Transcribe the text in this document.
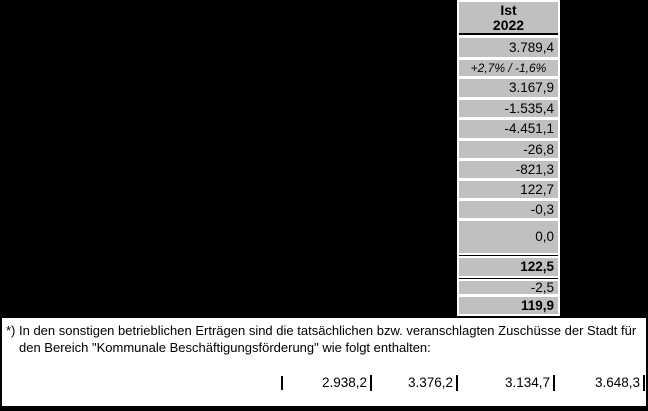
Ist
2022
3.789,4
+2,7% / -1,6%
3.167,9
-1.535,4
-4.451,1
-26,8
-821,3
122,7
-0,3
0,0
122,5
-2,5
119,9
*) In den sonstigen betrieblichen Erträgen sind die tatsächlichen bzw. veranschlagten Zuschüsse der Stadt für
den Bereich "Kommunale Beschäftigungsförderung" wie folgt enthalten:
2.938,2	3.376,2	3.134,7	3.648,3
